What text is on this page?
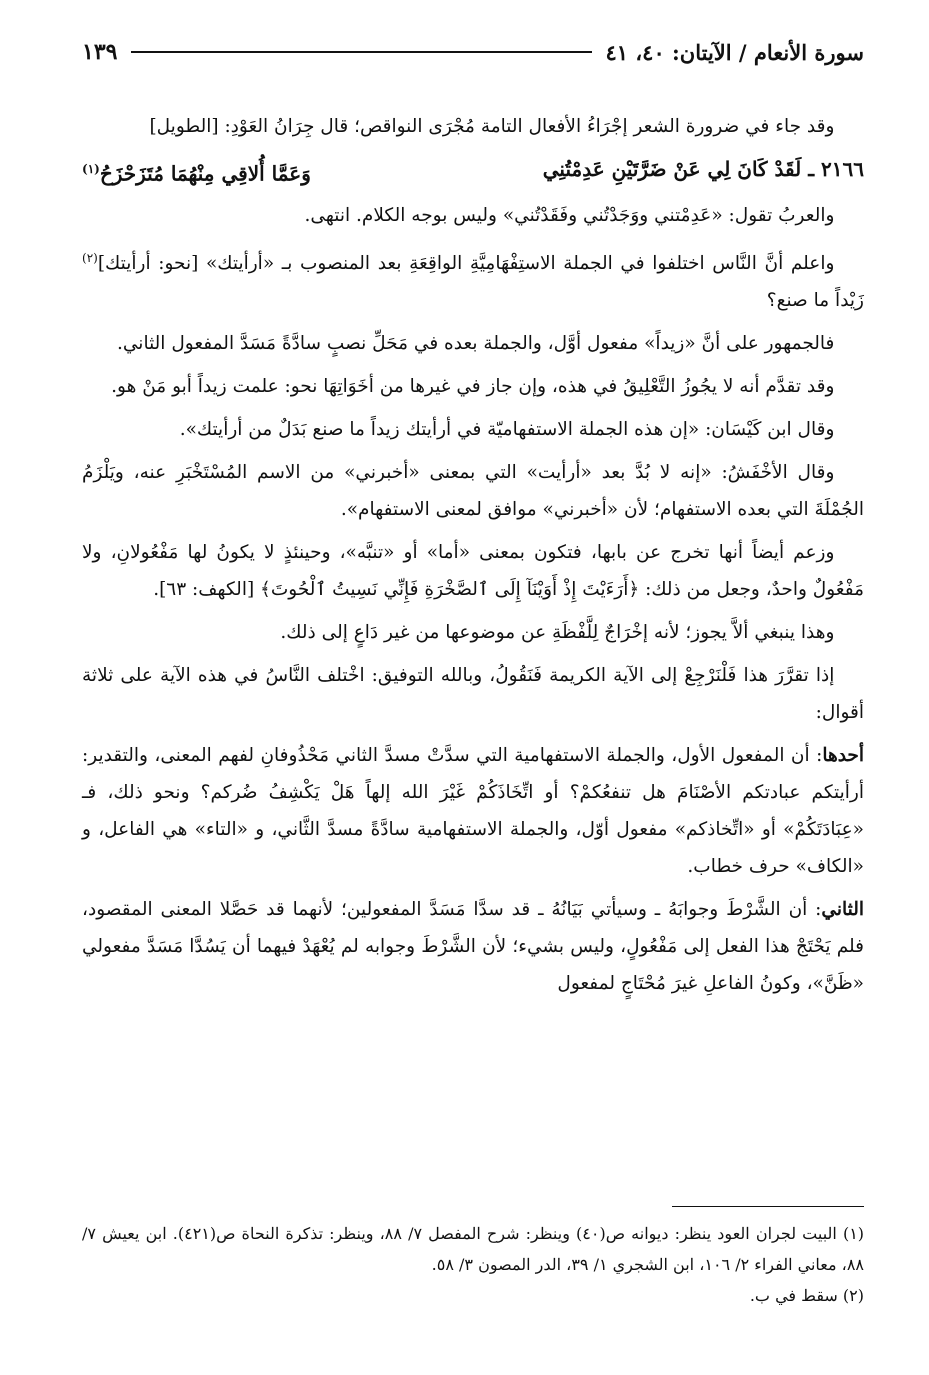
سورة الأنعام / الآيتان: ٤٠، ٤١
١٣٩

وقد جاء في ضرورة الشعر إجْرَاءُ الأفعال التامة مُجْرَى النواقص؛ قال جِرَانُ العَوْدِ: [الطويل]

٢١٦٦ ـ لَقَدْ كَانَ لِي عَنْ ضَرَّتَيْنِ عَدِمْتُنِي
وَعَمَّا أُلاقِي مِنْهُمَا مُتَزَحْزَحُ$^{(١)}$

والعربُ تقول: «عَدِمْتني ووَجَدْتُني وفَقَدْتُني» وليس بوجه الكلام. انتهى.

واعلم أنَّ النَّاس اختلفوا في الجملة الاستِفْهَامِيَّةِ الواقِعَةِ بعد المنصوب بـ «أرأيتك» [نحو: أرأيتك]$^{(٢)}$ زَيْداً ما صنع؟

فالجمهور على أنَّ «زيداً» مفعول أوَّل، والجملة بعده في مَحَلِّ نصبٍ سادَّةً مَسَدَّ المفعول الثاني.

وقد تقدَّم أنه لا يجُوزُ التَّعْلِيقُ في هذه، وإن جاز في غيرها من أخَوَاتِهَا نحو: علمت زيداً أبو مَنْ هو.

وقال ابن كَيْسَان: «إن هذه الجملة الاستفهاميّة في أرأيتك زيداً ما صنع بَدَلٌ من أرأيتك».

وقال الأخْفَشُ: «إنه لا بُدَّ بعد «أرأيت» التي بمعنى «أخبرني» من الاسم المُسْتَخْبَرِ عنه، ويَلْزَمُ الجُمْلَةَ التي بعده الاستفهام؛ لأن «أخبرني» موافق لمعنى الاستفهام».

وزعم أيضاً أنها تخرج عن بابها، فتكون بمعنى «أما» أو «تنبَّه»، وحينئذٍ لا يكونُ لها مَفْعُولانِ، ولا مَفْعُولٌ واحدٌ، وجعل من ذلك: ﴿أَرَءَيْتَ إِذْ أَوَيْنَآ إِلَى ٱلصَّخْرَةِ فَإِنِّي نَسِيتُ ٱلْحُوتَ﴾ [الكهف: ٦٣].

وهذا ينبغي ألاَّ يجوز؛ لأنه إخْرَاجٌ لِلَّفْظَةِ عن موضوعها من غير دَاعٍ إلى ذلك.

إذا تقرَّرَ هذا فَلْنَرْجِعْ إلى الآية الكريمة فَنَقُولُ، وبالله التوفيق: اخْتلف النَّاسُ في هذه الآية على ثلاثة أقوال:

أحدها: أن المفعول الأول، والجملة الاستفهامية التي سدَّتْ مسدَّ الثاني مَحْذُوفانِ لفهم المعنى، والتقدير: أرأيتكم عبادتكم الأصْنَامَ هل تنفعُكمْ؟ أو اتِّخَاذَكُمْ غَيْرَ الله إلهاً هَلْ يَكْشِفُ ضُركم؟ ونحو ذلك، فـ «عِبَادَتَكُمْ» أو «اتِّخاذكم» مفعول أوّل، والجملة الاستفهامية سادَّةً مسدَّ الثَّاني، و «التاء» هي الفاعل، و «الكاف» حرف خطاب.

الثاني: أن الشَّرْطَ وجوابَهُ ـ وسيأتي بَيَانُهُ ـ قد سدَّا مَسَدَّ المفعولين؛ لأنهما قد حَصَّلا المعنى المقصود، فلم يَحْتَجْ هذا الفعل إلى مَفْعُولٍ، وليس بشيء؛ لأن الشَّرْطَ وجوابه لم يُعْهَدْ فيهما أن يَسُدَّا مَسَدَّ مفعولي «ظَنَّ»، وكونُ الفاعلِ غيرَ مُحْتَاجٍ لمفعول

(١) البيت لجران العود ينظر: ديوانه ص(٤٠) وينظر: شرح المفصل ٧/ ٨٨، وينظر: تذكرة النحاة ص(٤٢١). ابن يعيش ٧/ ٨٨، معاني الفراء ٢/ ١٠٦، ابن الشجري ١/ ٣٩، الدر المصون ٣/ ٥٨.

(٢) سقط في ب.
